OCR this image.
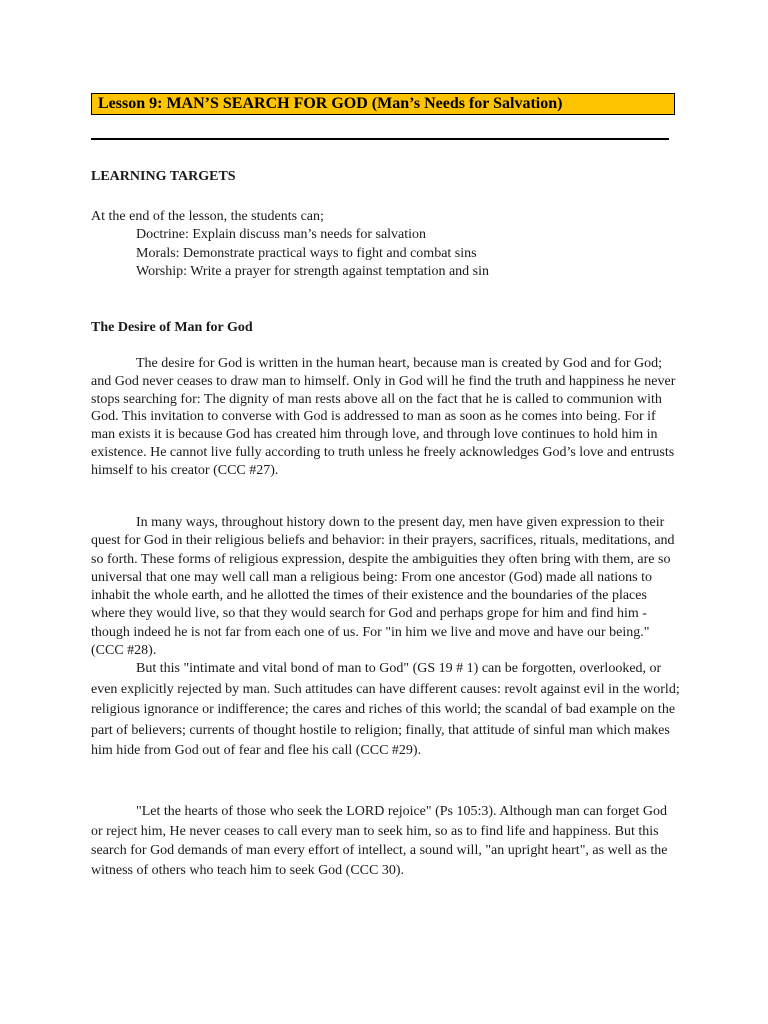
Lesson 9: MAN’S SEARCH FOR GOD (Man’s Needs for Salvation)
LEARNING TARGETS
At the end of the lesson, the students can;
Doctrine: Explain discuss man’s needs for salvation
Morals: Demonstrate practical ways to fight and combat sins
Worship: Write a prayer for strength against temptation and sin
The Desire of Man for God

The desire for God is written in the human heart, because man is created by God and for God; and God never ceases to draw man to himself. Only in God will he find the truth and happiness he never stops searching for: The dignity of man rests above all on the fact that he is called to communion with God. This invitation to converse with God is addressed to man as soon as he comes into being. For if man exists it is because God has created him through love, and through love continues to hold him in existence. He cannot live fully according to truth unless he freely acknowledges God’s love and entrusts himself to his creator (CCC #27).

In many ways, throughout history down to the present day, men have given expression to their quest for God in their religious beliefs and behavior: in their prayers, sacrifices, rituals, meditations, and so forth. These forms of religious expression, despite the ambiguities they often bring with them, are so universal that one may well call man a religious being: From one ancestor (God) made all nations to inhabit the whole earth, and he allotted the times of their existence and the boundaries of the places where they would live, so that they would search for God and perhaps grope for him and find him - though indeed he is not far from each one of us. For "in him we live and move and have our being." (CCC #28).

But this "intimate and vital bond of man to God" (GS 19 # 1) can be forgotten, overlooked, or even explicitly rejected by man. Such attitudes can have different causes: revolt against evil in the world; religious ignorance or indifference; the cares and riches of this world; the scandal of bad example on the part of believers; currents of thought hostile to religion; finally, that attitude of sinful man which makes him hide from God out of fear and flee his call (CCC #29).

"Let the hearts of those who seek the LORD rejoice" (Ps 105:3). Although man can forget God or reject him, He never ceases to call every man to seek him, so as to find life and happiness. But this search for God demands of man every effort of intellect, a sound will, "an upright heart", as well as the witness of others who teach him to seek God (CCC 30).
